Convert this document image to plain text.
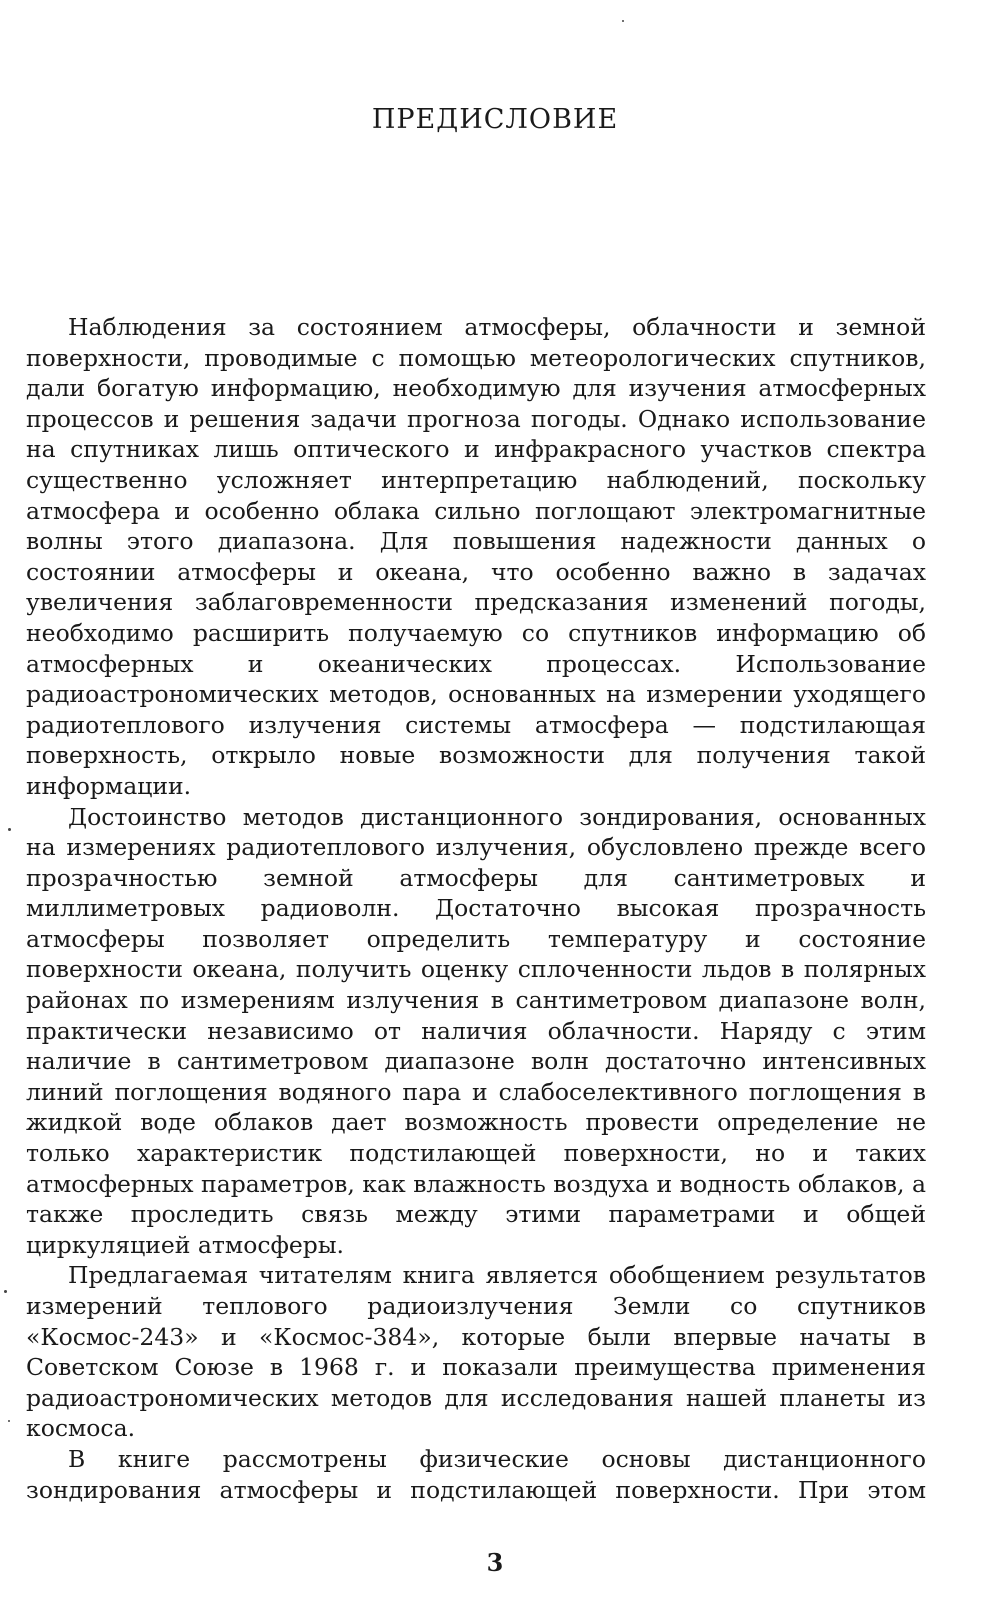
ПРЕДИСЛОВИЕ

Наблюдения за состоянием атмосферы, облачности и земной поверхности, проводимые с помощью метеорологических спутников, дали богатую информацию, необходимую для изучения атмосферных процессов и решения задачи прогноза погоды. Однако использование на спутниках лишь оптического и инфракрасного участков спектра существенно усложняет интерпретацию наблюдений, поскольку атмосфера и особенно облака сильно поглощают электромагнитные волны этого диапазона. Для повышения надежности данных о состоянии атмосферы и океана, что особенно важно в задачах увеличения заблаговременности предсказания изменений погоды, необходимо расширить получаемую со спутников информацию об атмосферных и океанических процессах. Использование радиоастрономических методов, основанных на измерении уходящего радиотеплового излучения системы атмосфера — подстилающая поверхность, открыло новые возможности для получения такой информации.

Достоинство методов дистанционного зондирования, основанных на измерениях радиотеплового излучения, обусловлено прежде всего прозрачностью земной атмосферы для сантиметровых и миллиметровых радиоволн. Достаточно высокая прозрачность атмосферы позволяет определить температуру и состояние поверхности океана, получить оценку сплоченности льдов в полярных районах по измерениям излучения в сантиметровом диапазоне волн, практически независимо от наличия облачности. Наряду с этим наличие в сантиметровом диапазоне волн достаточно интенсивных линий поглощения водяного пара и слабоселективного поглощения в жидкой воде облаков дает возможность провести определение не только характеристик подстилающей поверхности, но и таких атмосферных параметров, как влажность воздуха и водность облаков, а также проследить связь между этими параметрами и общей циркуляцией атмосферы.

Предлагаемая читателям книга является обобщением результатов измерений теплового радиоизлучения Земли со спутников «Космос-243» и «Космос-384», которые были впервые начаты в Советском Союзе в 1968 г. и показали преимущества применения радиоастрономических методов для исследования нашей планеты из космоса.

В книге рассмотрены физические основы дистанционного зондирования атмосферы и подстилающей поверхности. При этом

3
